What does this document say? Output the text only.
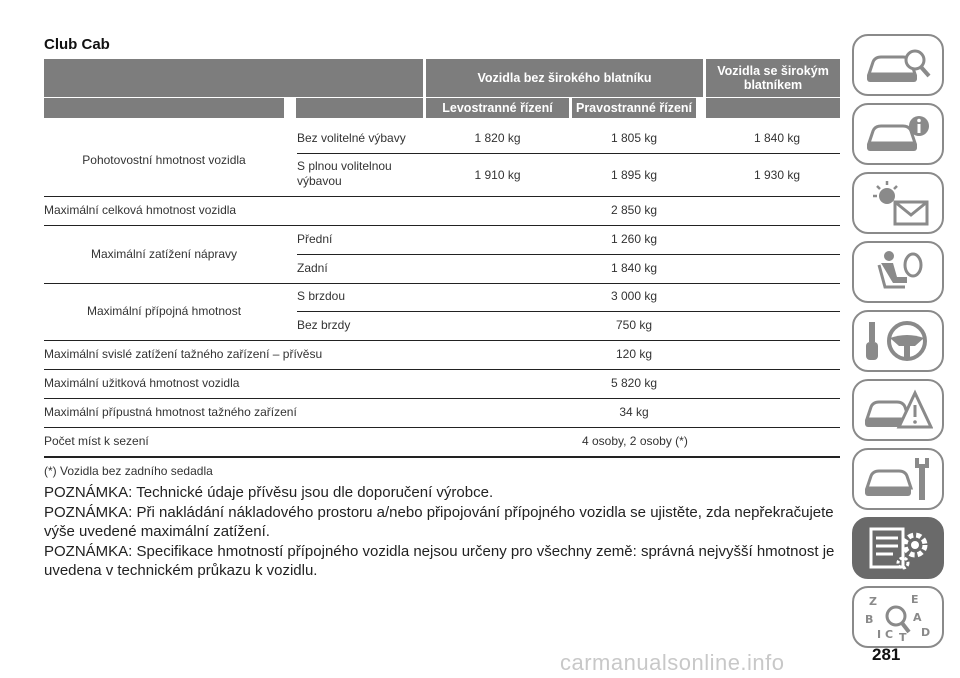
Club Cab
Vozidla bez širokého blatníku	Vozidla se širokým blatníkem
Levostranné řízení	Pravostranné řízení
Pohotovostní hmotnost vozidla
Bez volitelné výbavy	1 820 kg	1 805 kg	1 840 kg
S plnou volitelnou výbavou	1 910 kg	1 895 kg	1 930 kg
Maximální celková hmotnost vozidla	2 850 kg
Maximální zatížení nápravy
Přední	1 260 kg
Zadní	1 840 kg
Maximální přípojná hmotnost
S brzdou	3 000 kg
Bez brzdy	750 kg
Maximální svislé zatížení tažného zařízení – přívěsu	120 kg
Maximální užitková hmotnost vozidla	5 820 kg
Maximální přípustná hmotnost tažného zařízení	34 kg
Počet míst k sezení	4 osoby, 2 osoby (*)
(*) Vozidla bez zadního sedadla

POZNÁMKA: Technické údaje přívěsu jsou dle doporučení výrobce.

POZNÁMKA: Při nakládání nákladového prostoru a/nebo připojování přípojného vozidla se ujistěte, zda nepřekračujete výše uvedené maximální zatížení.

POZNÁMKA: Specifikace hmotností přípojného vozidla nejsou určeny pro všechny země: správná nejvyšší hmotnost je uvedena v technickém průkazu k vozidlu.

Z	E
B	A
C	D
T
I
carmanualsonline.info	281
